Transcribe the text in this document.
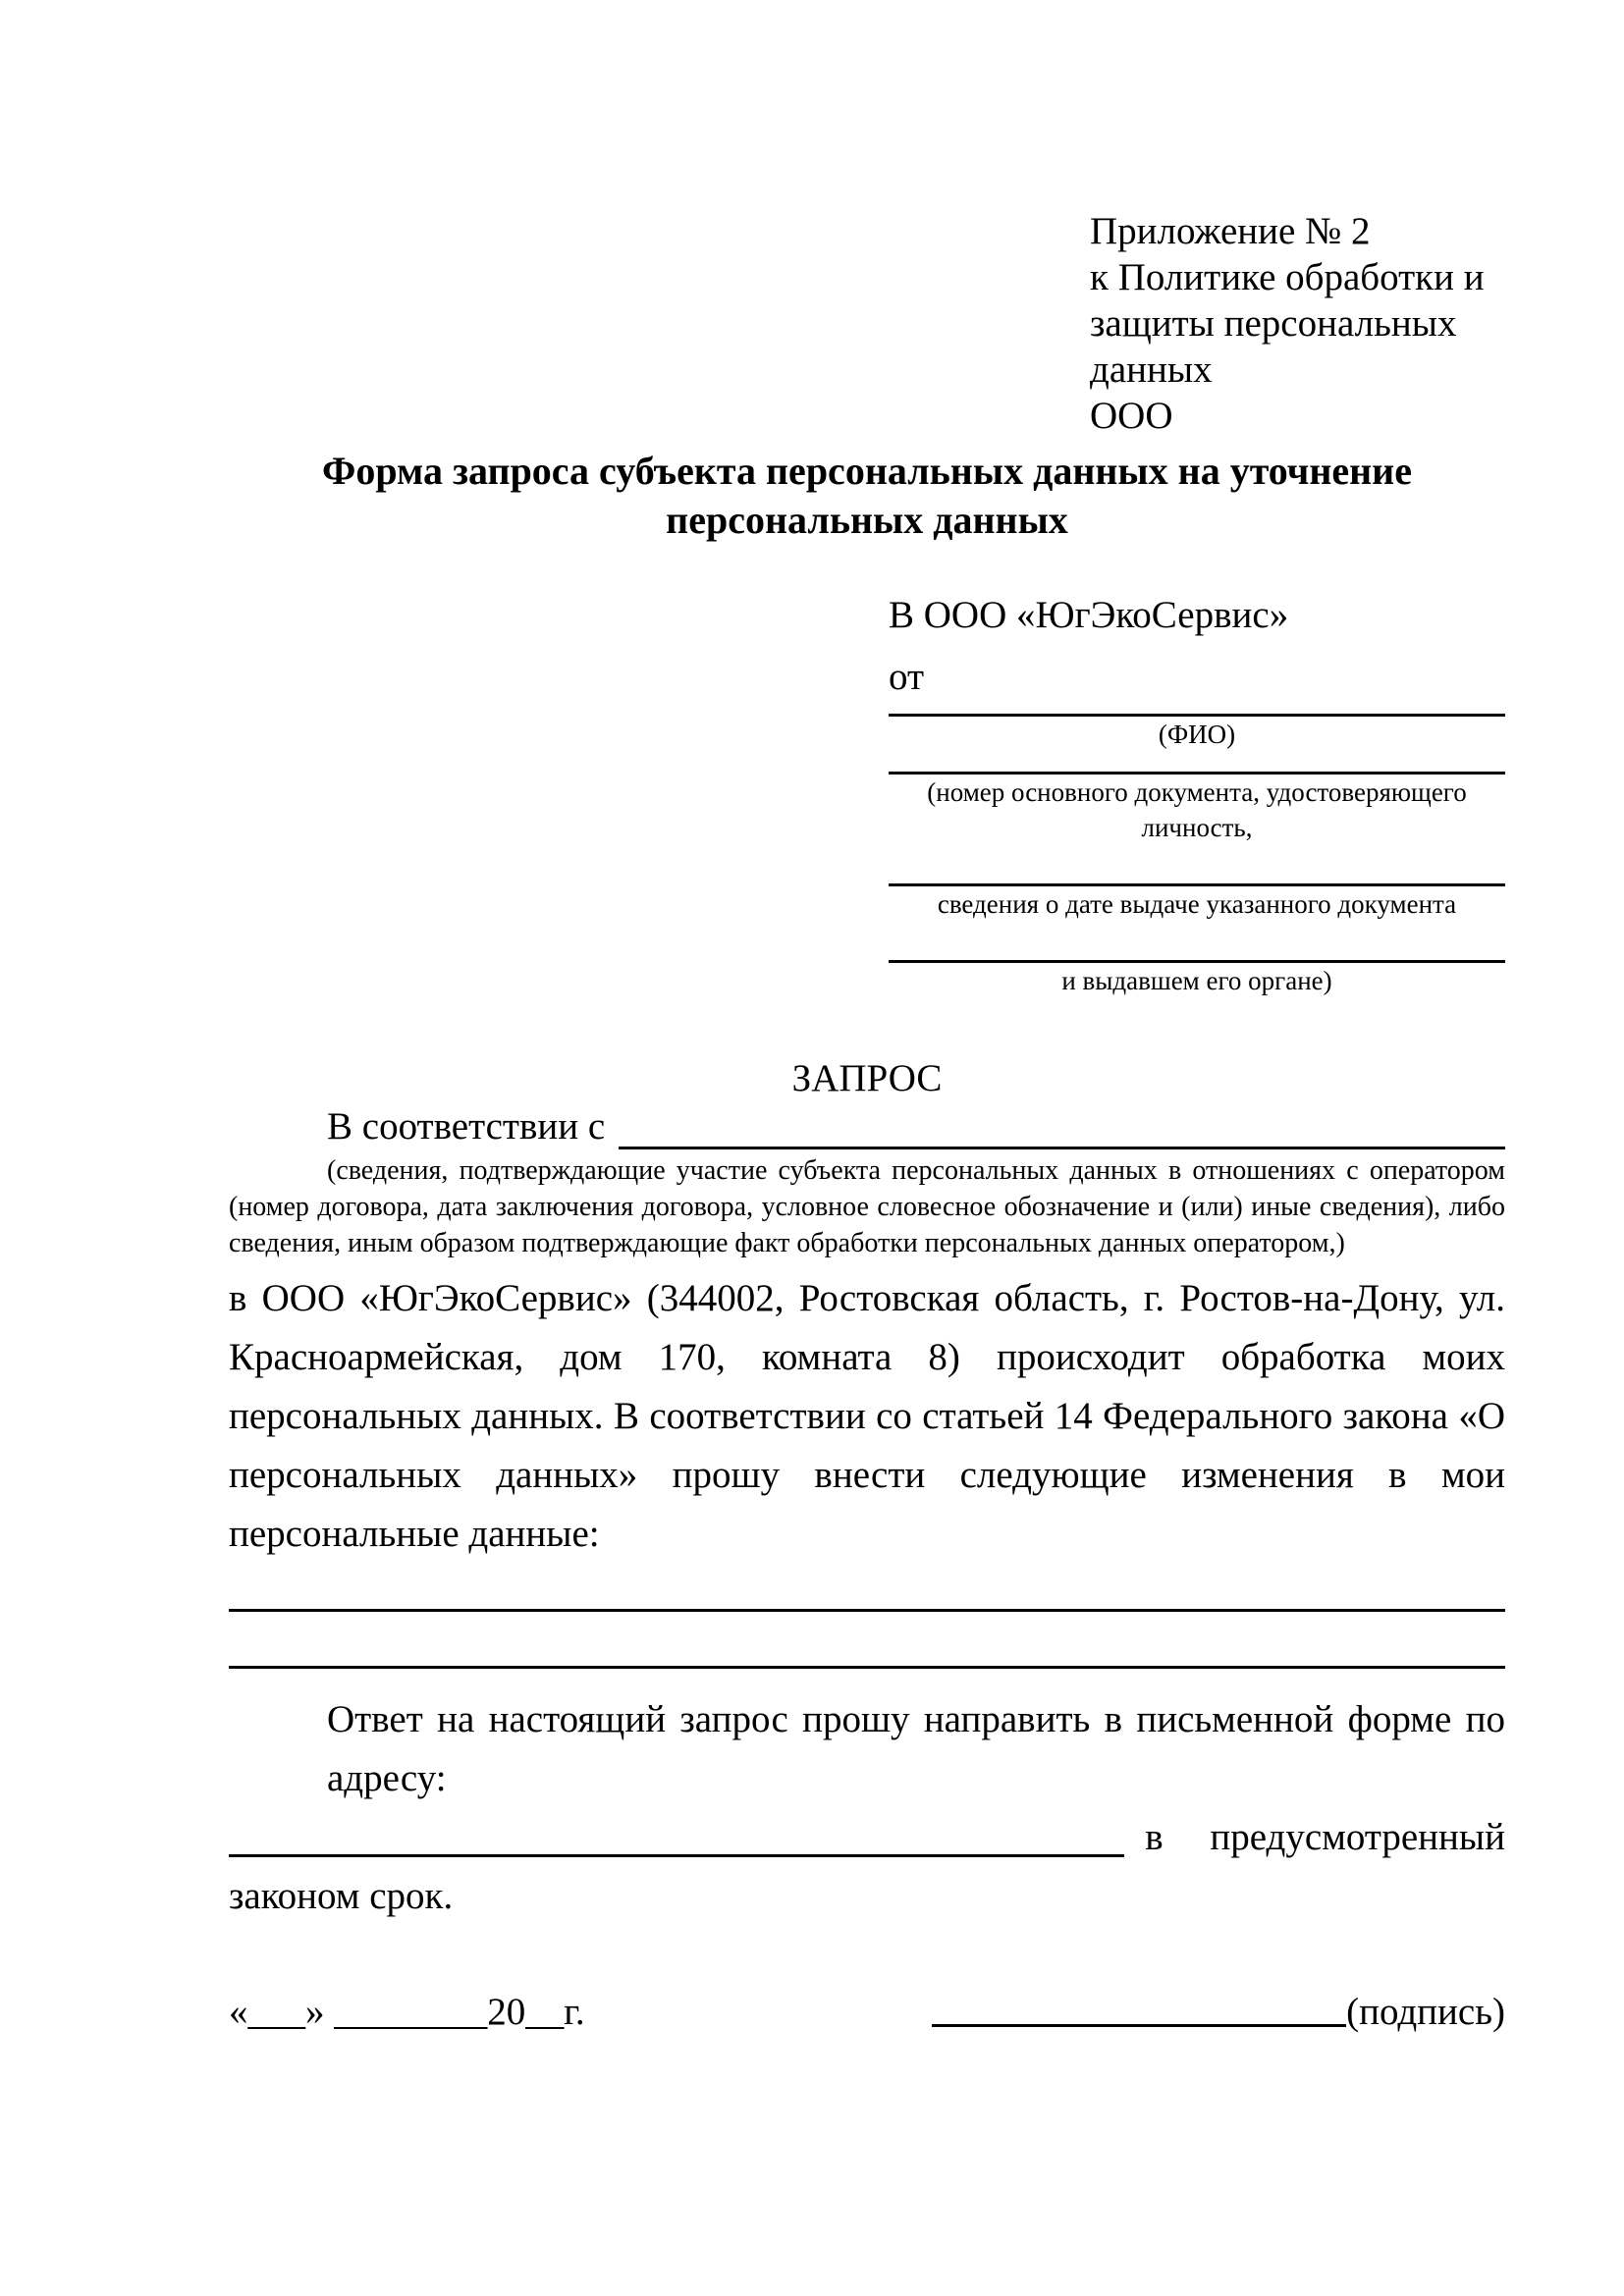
Приложение № 2
к Политике обработки и
защиты персональных данных
ООО
Форма запроса субъекта персональных данных на уточнение персональных данных
В ООО «ЮгЭкоСервис»
от
(ФИО)
(номер основного документа, удостоверяющего личность,
сведения о дате выдаче указанного документа
и выдавшем его органе)
ЗАПРОС
В соответствии с
(сведения, подтверждающие участие субъекта персональных данных в отношениях с оператором (номер договора, дата заключения договора, условное словесное обозначение и (или) иные сведения), либо сведения, иным образом подтверждающие факт обработки персональных данных оператором,)
в ООО «ЮгЭкоСервис» (344002, Ростовская область, г. Ростов-на-Дону, ул. Красноармейская, дом 170, комната 8) происходит обработка моих персональных данных. В соответствии со статьей 14 Федерального закона «О персональных данных» прошу внести следующие изменения в мои персональные данные:
Ответ на настоящий запрос прошу направить в письменной форме по адресу:
в предусмотренный
законом срок.
«___» ________20__г.	(подпись)
